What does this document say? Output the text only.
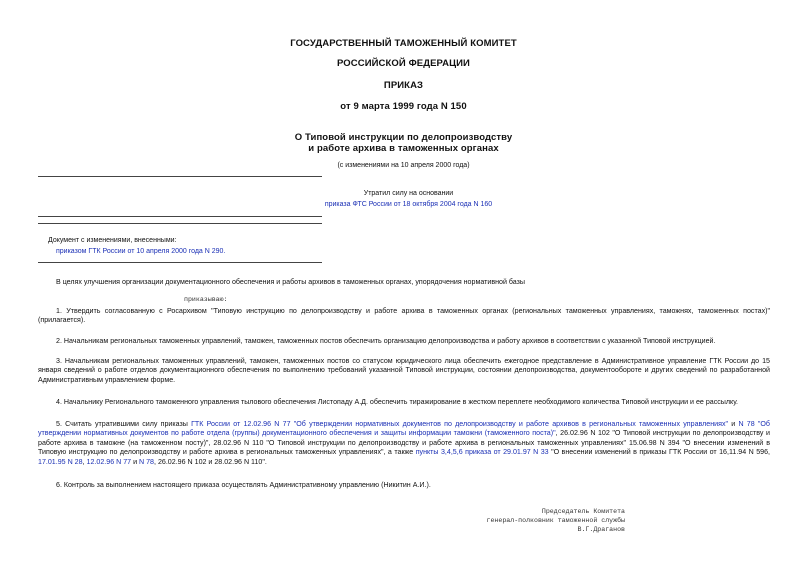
ГОСУДАРСТВЕННЫЙ ТАМОЖЕННЫЙ КОМИТЕТ
РОССИЙСКОЙ ФЕДЕРАЦИИ
ПРИКАЗ
от 9 марта 1999 года N 150
О Типовой инструкции по делопроизводству
и работе архива в таможенных органах
(с изменениями на 10 апреля 2000 года)
Утратил силу на основании
приказа ФТС России от 18 октября 2004 года N 160
Документ с изменениями, внесенными:
приказом ГТК России от 10 апреля 2000 года N 290.
В целях улучшения организации документационного обеспечения и работы архивов в таможенных органах, упорядочения нормативной базы
приказываю:
1. Утвердить согласованную с Росархивом "Типовую инструкцию по делопроизводству и работе архива в таможенных органах (региональных таможенных управлениях, таможнях, таможенных постах)" (прилагается).
2. Начальникам региональных таможенных управлений, таможен, таможенных постов обеспечить организацию делопроизводства и работу архивов в соответствии с указанной Типовой инструкцией.
3. Начальникам региональных таможенных управлений, таможен, таможенных постов со статусом юридического лица обеспечить ежегодное представление в Административное управление ГТК России до 15 января сведений о работе отделов документационного обеспечения по выполнению требований указанной Типовой инструкции, состоянии делопроизводства, документообороте и других сведений по разработанной Административным управлением форме.
4. Начальнику Регионального таможенного управления тылового обеспечения Листопаду А.Д. обеспечить тиражирование в жестком переплете необходимого количества Типовой инструкции и ее рассылку.
5. Считать утратившими силу приказы ГТК России от 12.02.96 N 77 "Об утверждении нормативных документов по делопроизводству и работе архивов в региональных таможенных управлениях" и N 78 "Об утверждении нормативных документов по работе отдела (группы) документационного обеспечения и защиты информации таможни (таможенного поста)", 26.02.96 N 102 "О Типовой инструкции по делопроизводству и работе архива в таможне (на таможенном посту)", 28.02.96 N 110 "О Типовой инструкции по делопроизводству и работе архива в региональных таможенных управлениях" 15.06.98 N 394 "О внесении изменений в Типовую инструкцию по делопроизводству и работе архива в региональных таможенных управлениях", а также пункты 3,4,5,6 приказа от 29.01.97 N 33 "О внесении изменений в приказы ГТК России от 16,11.94 N 596, 17.01.95 N 28, 12.02.96 N 77 и N 78, 26.02.96 N 102 и 28.02.96 N 110".
6. Контроль за выполнением настоящего приказа осуществлять Административному управлению (Никитин А.И.).
Председатель Комитета
генерал-полковник таможенной службы
В.Г.Драганов
